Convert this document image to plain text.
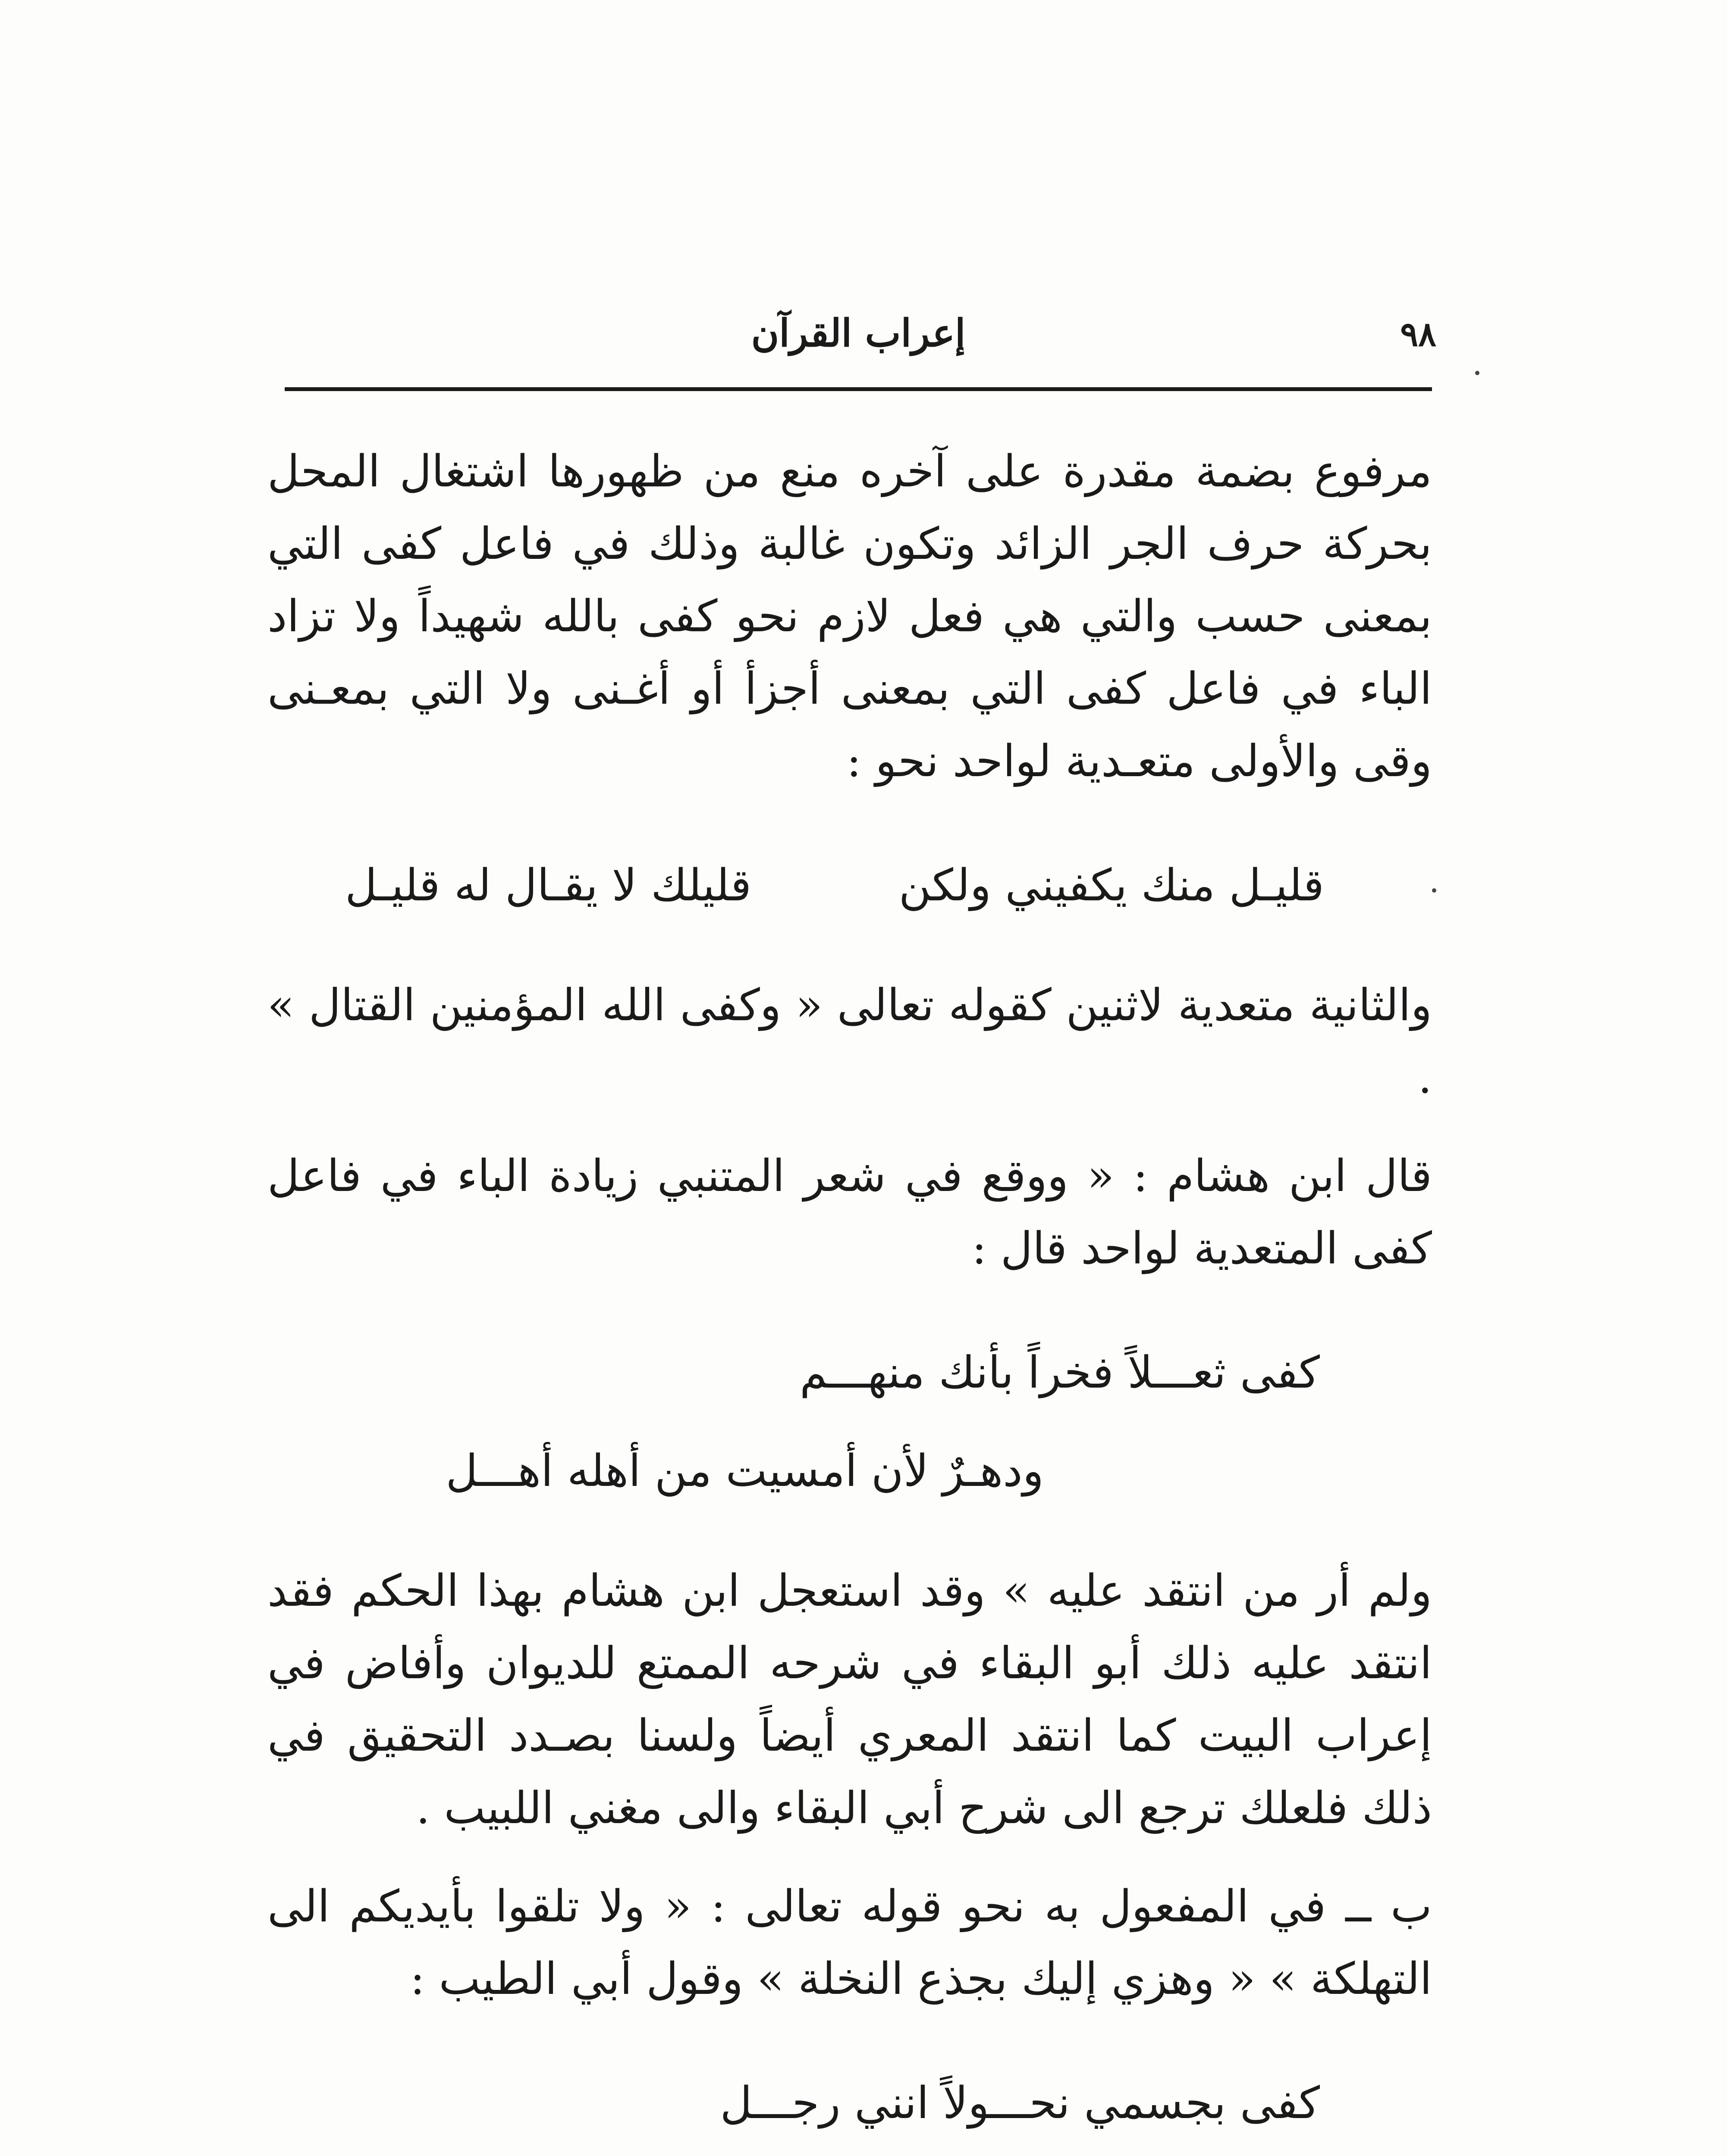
٩٨
إعراب القرآن

مرفوع بضمة مقدرة على آخره منع من ظهورها اشتغال المحل بحركة حرف الجر الزائد وتكون غالبة وذلك في فاعل كفى التي بمعنى حسب والتي هي فعل لازم نحو كفى بالله شهيداً ولا تزاد الباء في فاعل كفى التي بمعنى أجزأ أو أغـنى ولا التي بمعـنى وقى والأولى متعـدية لواحد نحو :

قليـل منك يكفيني ولكن
قليلك لا يقـال له قليـل

والثانية متعدية لاثنين كقوله تعالى « وكفى الله المؤمنين القتال » .

قال ابن هشام : « ووقع في شعر المتنبي زيادة الباء في فاعل كفى المتعدية لواحد قال :

كفى ثعـــلاً فخراً بأنك منهـــم
ودهـرٌ لأن أمسيت من أهله أهـــل

ولم أر من انتقد عليه » وقد استعجل ابن هشام بهذا الحكم فقد انتقد عليه ذلك أبو البقاء في شرحه الممتع للديوان وأفاض في إعراب البيت كما انتقد المعري أيضاً ولسنا بصـدد التحقيق في ذلك فلعلك ترجع الى شرح أبي البقاء والى مغني اللبيب .

ب ــ في المفعول به نحو قوله تعالى : « ولا تلقوا بأيديكم الى التهلكة » « وهزي إليك بجذع النخلة » وقول أبي الطيب :

كفى بجسمي نحـــولاً انني رجـــل
